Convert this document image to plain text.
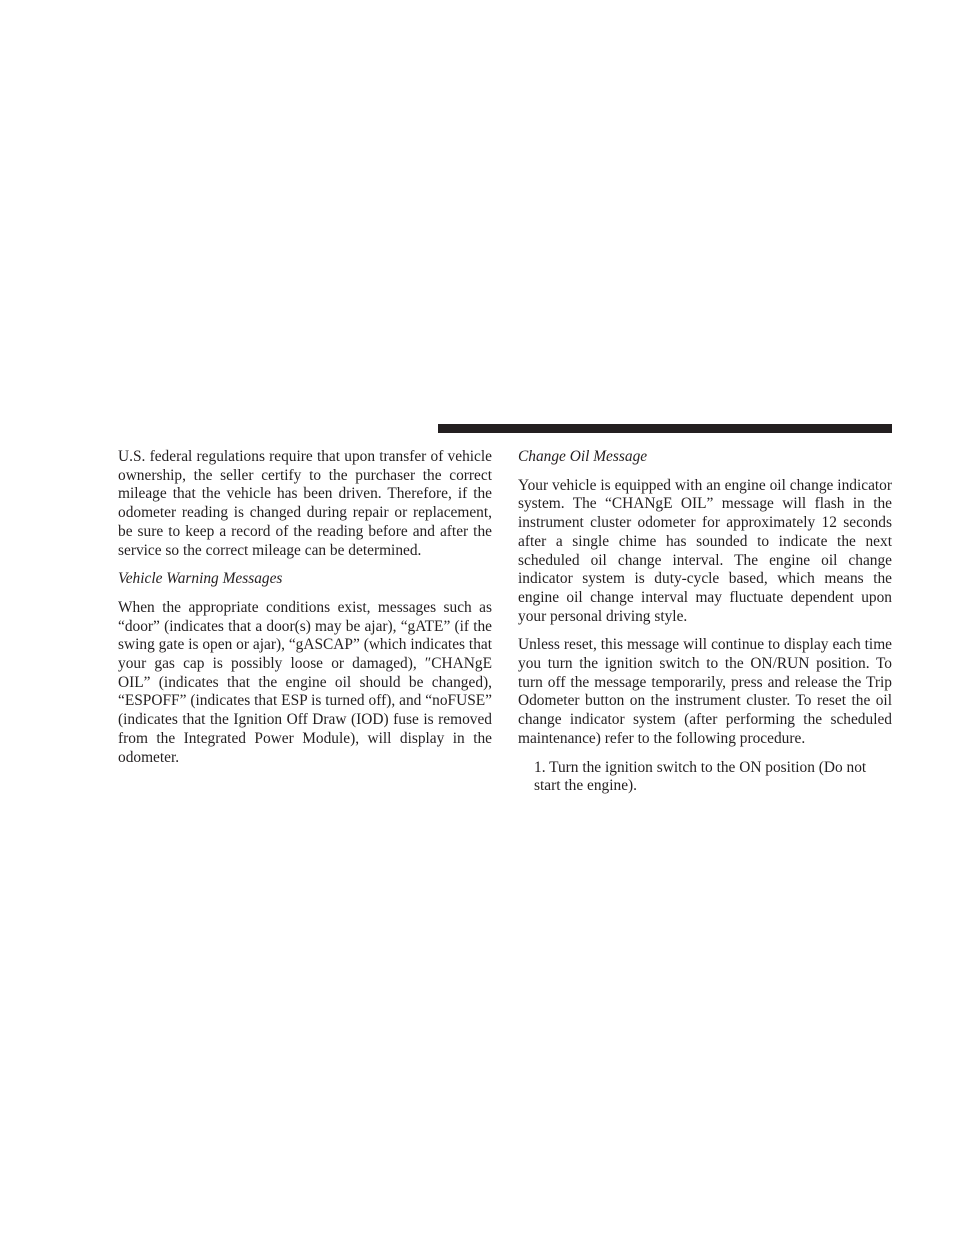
U.S. federal regulations require that upon transfer of vehicle ownership, the seller certify to the purchaser the correct mileage that the vehicle has been driven. Therefore, if the odometer reading is changed during repair or replacement, be sure to keep a record of the reading before and after the service so the correct mileage can be determined.

Vehicle Warning Messages

When the appropriate conditions exist, messages such as “door” (indicates that a door(s) may be ajar), “gATE” (if the swing gate is open or ajar), “gASCAP” (which indicates that your gas cap is possibly loose or damaged), ″CHANgE OIL” (indicates that the engine oil should be changed), “ESPOFF” (indicates that ESP is turned off), and “noFUSE” (indicates that the Ignition Off Draw (IOD) fuse is removed from the Integrated Power Module), will display in the odometer.

Change Oil Message

Your vehicle is equipped with an engine oil change indicator system. The “CHANgE OIL” message will flash in the instrument cluster odometer for approximately 12 seconds after a single chime has sounded to indicate the next scheduled oil change interval. The engine oil change indicator system is duty-cycle based, which means the engine oil change interval may fluctuate dependent upon your personal driving style.

Unless reset, this message will continue to display each time you turn the ignition switch to the ON/RUN position. To turn off the message temporarily, press and release the Trip Odometer button on the instrument cluster. To reset the oil change indicator system (after performing the scheduled maintenance) refer to the following procedure.

1. Turn the ignition switch to the ON position (Do not start the engine).
